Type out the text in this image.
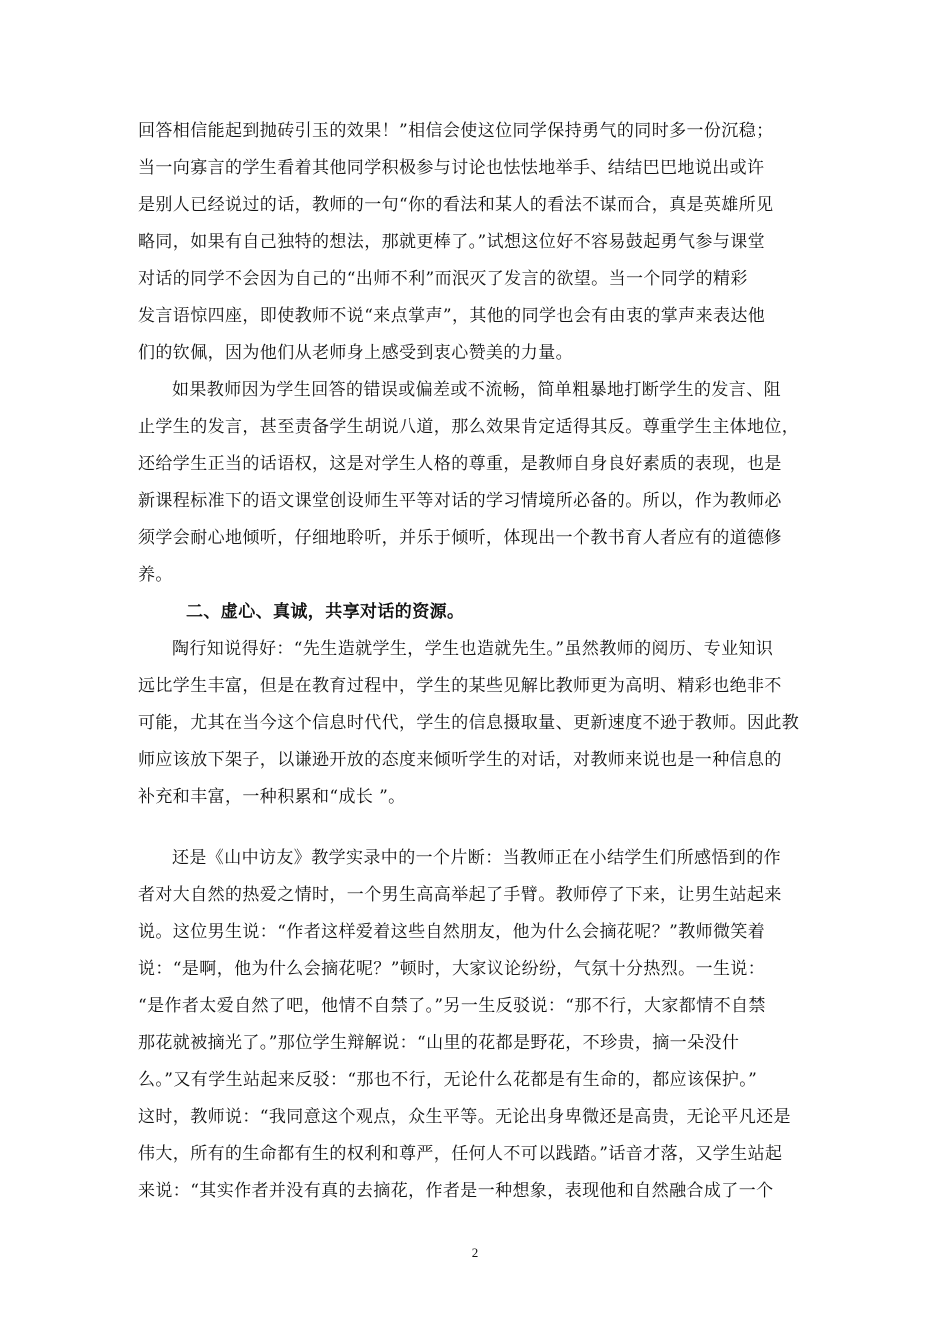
回答相信能起到抛砖引玉的效果！”相信会使这位同学保持勇气的同时多一份沉稳；
当一向寡言的学生看着其他同学积极参与讨论也怯怯地举手、结结巴巴地说出或许
是别人已经说过的话，教师的一句“你的看法和某人的看法不谋而合，真是英雄所见
略同，如果有自己独特的想法，那就更棒了。”试想这位好不容易鼓起勇气参与课堂
对话的同学不会因为自己的“出师不利”而泯灭了发言的欲望。当一个同学的精彩
发言语惊四座，即使教师不说“来点掌声”，其他的同学也会有由衷的掌声来表达他
们的钦佩，因为他们从老师身上感受到衷心赞美的力量。
如果教师因为学生回答的错误或偏差或不流畅，简单粗暴地打断学生的发言、阻
止学生的发言，甚至责备学生胡说八道，那么效果肯定适得其反。尊重学生主体地位，
还给学生正当的话语权，这是对学生人格的尊重，是教师自身良好素质的表现，也是
新课程标准下的语文课堂创设师生平等对话的学习情境所必备的。所以，作为教师必
须学会耐心地倾听，仔细地聆听，并乐于倾听，体现出一个教书育人者应有的道德修
养。
二、虚心、真诚，共享对话的资源。
陶行知说得好：“先生造就学生，学生也造就先生。”虽然教师的阅历、专业知识
远比学生丰富，但是在教育过程中，学生的某些见解比教师更为高明、精彩也绝非不
可能，尤其在当今这个信息时代代，学生的信息摄取量、更新速度不逊于教师。因此教
师应该放下架子，以谦逊开放的态度来倾听学生的对话，对教师来说也是一种信息的
补充和丰富，一种积累和“成长 ”。
还是《山中访友》教学实录中的一个片断：当教师正在小结学生们所感悟到的作
者对大自然的热爱之情时，一个男生高高举起了手臂。教师停了下来，让男生站起来
说。这位男生说：“作者这样爱着这些自然朋友，他为什么会摘花呢？”教师微笑着
说：“是啊，他为什么会摘花呢？”顿时，大家议论纷纷，气氛十分热烈。一生说：
“是作者太爱自然了吧，他情不自禁了。”另一生反驳说：“那不行，大家都情不自禁
那花就被摘光了。”那位学生辩解说：“山里的花都是野花，不珍贵，摘一朵没什
么。”又有学生站起来反驳：“那也不行，无论什么花都是有生命的，都应该保护。”
这时，教师说：“我同意这个观点，众生平等。无论出身卑微还是高贵，无论平凡还是
伟大，所有的生命都有生的权利和尊严，任何人不可以践踏。”话音才落，又学生站起
来说：“其实作者并没有真的去摘花，作者是一种想象，表现他和自然融合成了一个
2
